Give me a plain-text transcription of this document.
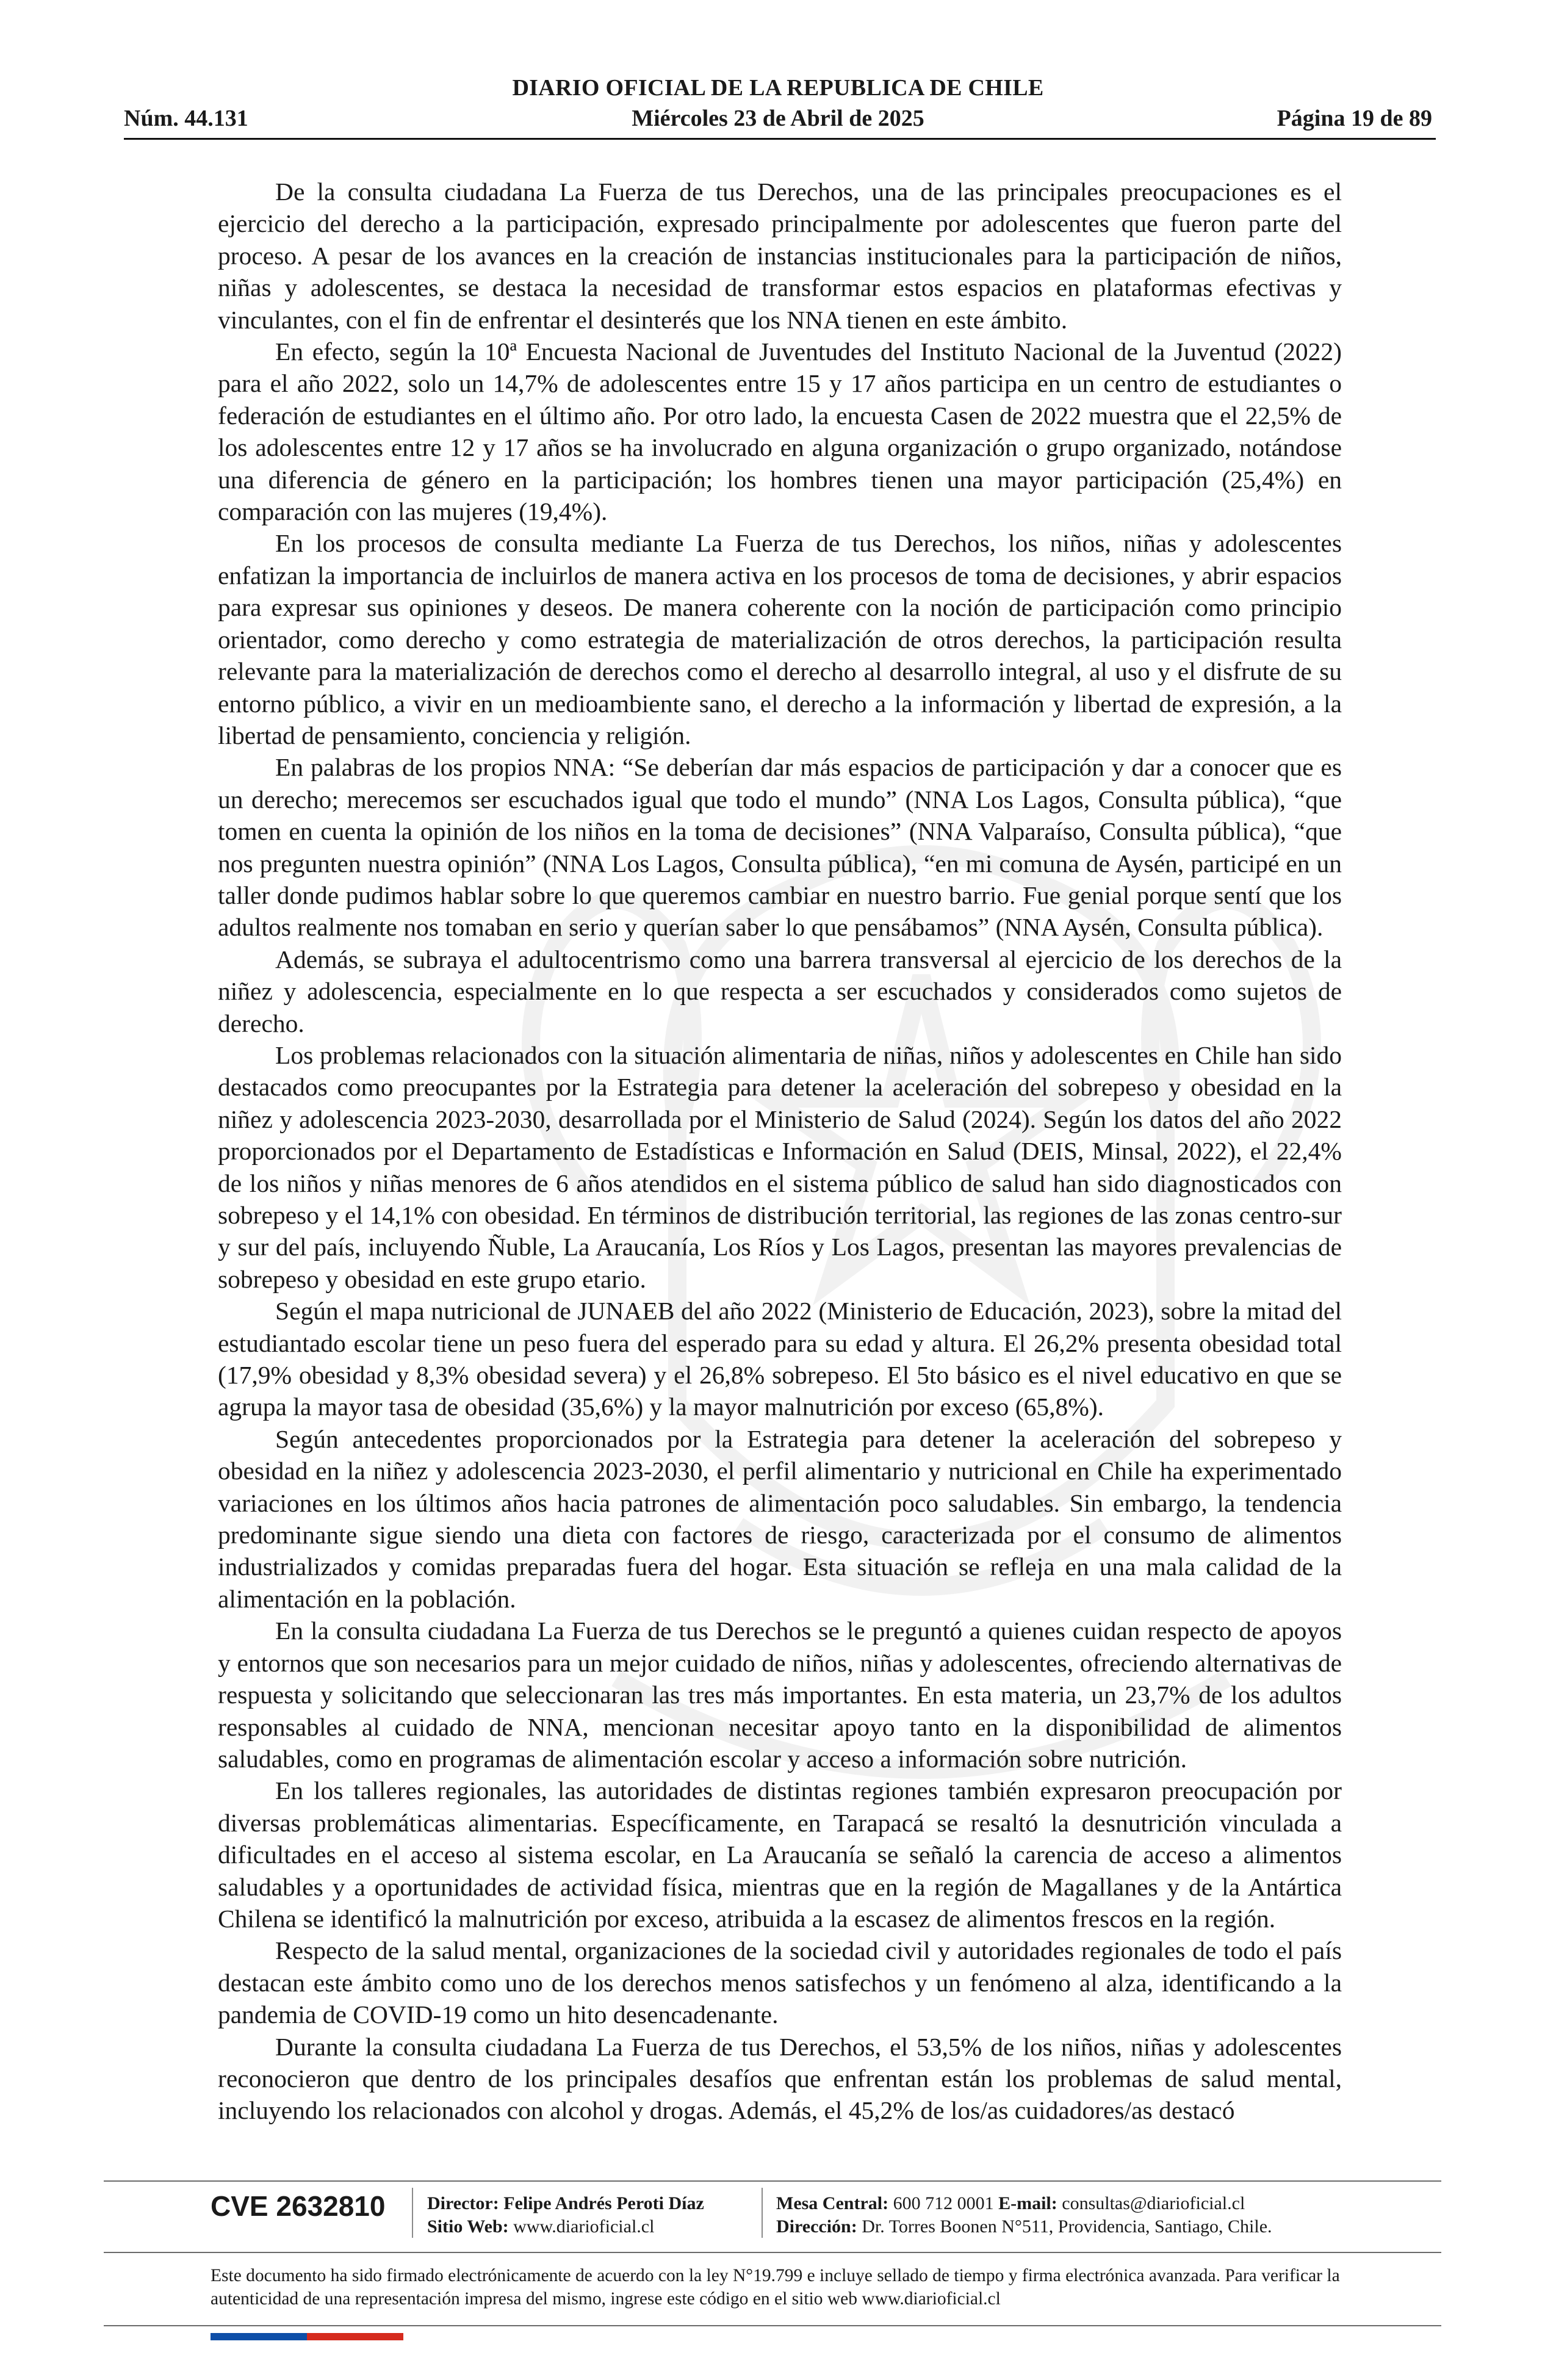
DIARIO OFICIAL DE LA REPUBLICA DE CHILE
Núm. 44.131	Miércoles 23 de Abril de 2025	Página 19 de 89

De la consulta ciudadana La Fuerza de tus Derechos, una de las principales preocupaciones es el ejercicio del derecho a la participación, expresado principalmente por adolescentes que fueron parte del proceso. A pesar de los avances en la creación de instancias institucionales para la participación de niños, niñas y adolescentes, se destaca la necesidad de transformar estos espacios en plataformas efectivas y vinculantes, con el fin de enfrentar el desinterés que los NNA tienen en este ámbito.

En efecto, según la 10ª Encuesta Nacional de Juventudes del Instituto Nacional de la Juventud (2022) para el año 2022, solo un 14,7% de adolescentes entre 15 y 17 años participa en un centro de estudiantes o federación de estudiantes en el último año. Por otro lado, la encuesta Casen de 2022 muestra que el 22,5% de los adolescentes entre 12 y 17 años se ha involucrado en alguna organización o grupo organizado, notándose una diferencia de género en la participación; los hombres tienen una mayor participación (25,4%) en comparación con las mujeres (19,4%).

En los procesos de consulta mediante La Fuerza de tus Derechos, los niños, niñas y adolescentes enfatizan la importancia de incluirlos de manera activa en los procesos de toma de decisiones, y abrir espacios para expresar sus opiniones y deseos. De manera coherente con la noción de participación como principio orientador, como derecho y como estrategia de materialización de otros derechos, la participación resulta relevante para la materialización de derechos como el derecho al desarrollo integral, al uso y el disfrute de su entorno público, a vivir en un medioambiente sano, el derecho a la información y libertad de expresión, a la libertad de pensamiento, conciencia y religión.

En palabras de los propios NNA: “Se deberían dar más espacios de participación y dar a conocer que es un derecho; merecemos ser escuchados igual que todo el mundo” (NNA Los Lagos, Consulta pública), “que tomen en cuenta la opinión de los niños en la toma de decisiones” (NNA Valparaíso, Consulta pública), “que nos pregunten nuestra opinión” (NNA Los Lagos, Consulta pública), “en mi comuna de Aysén, participé en un taller donde pudimos hablar sobre lo que queremos cambiar en nuestro barrio. Fue genial porque sentí que los adultos realmente nos tomaban en serio y querían saber lo que pensábamos” (NNA Aysén, Consulta pública).

Además, se subraya el adultocentrismo como una barrera transversal al ejercicio de los derechos de la niñez y adolescencia, especialmente en lo que respecta a ser escuchados y considerados como sujetos de derecho.

Los problemas relacionados con la situación alimentaria de niñas, niños y adolescentes en Chile han sido destacados como preocupantes por la Estrategia para detener la aceleración del sobrepeso y obesidad en la niñez y adolescencia 2023-2030, desarrollada por el Ministerio de Salud (2024). Según los datos del año 2022 proporcionados por el Departamento de Estadísticas e Información en Salud (DEIS, Minsal, 2022), el 22,4% de los niños y niñas menores de 6 años atendidos en el sistema público de salud han sido diagnosticados con sobrepeso y el 14,1% con obesidad. En términos de distribución territorial, las regiones de las zonas centro-sur y sur del país, incluyendo Ñuble, La Araucanía, Los Ríos y Los Lagos, presentan las mayores prevalencias de sobrepeso y obesidad en este grupo etario.

Según el mapa nutricional de JUNAEB del año 2022 (Ministerio de Educación, 2023), sobre la mitad del estudiantado escolar tiene un peso fuera del esperado para su edad y altura. El 26,2% presenta obesidad total (17,9% obesidad y 8,3% obesidad severa) y el 26,8% sobrepeso. El 5to básico es el nivel educativo en que se agrupa la mayor tasa de obesidad (35,6%) y la mayor malnutrición por exceso (65,8%).

Según antecedentes proporcionados por la Estrategia para detener la aceleración del sobrepeso y obesidad en la niñez y adolescencia 2023-2030, el perfil alimentario y nutricional en Chile ha experimentado variaciones en los últimos años hacia patrones de alimentación poco saludables. Sin embargo, la tendencia predominante sigue siendo una dieta con factores de riesgo, caracterizada por el consumo de alimentos industrializados y comidas preparadas fuera del hogar. Esta situación se refleja en una mala calidad de la alimentación en la población.

En la consulta ciudadana La Fuerza de tus Derechos se le preguntó a quienes cuidan respecto de apoyos y entornos que son necesarios para un mejor cuidado de niños, niñas y adolescentes, ofreciendo alternativas de respuesta y solicitando que seleccionaran las tres más importantes. En esta materia, un 23,7% de los adultos responsables al cuidado de NNA, mencionan necesitar apoyo tanto en la disponibilidad de alimentos saludables, como en programas de alimentación escolar y acceso a información sobre nutrición.

En los talleres regionales, las autoridades de distintas regiones también expresaron preocupación por diversas problemáticas alimentarias. Específicamente, en Tarapacá se resaltó la desnutrición vinculada a dificultades en el acceso al sistema escolar, en La Araucanía se señaló la carencia de acceso a alimentos saludables y a oportunidades de actividad física, mientras que en la región de Magallanes y de la Antártica Chilena se identificó la malnutrición por exceso, atribuida a la escasez de alimentos frescos en la región.

Respecto de la salud mental, organizaciones de la sociedad civil y autoridades regionales de todo el país destacan este ámbito como uno de los derechos menos satisfechos y un fenómeno al alza, identificando a la pandemia de COVID-19 como un hito desencadenante.

Durante la consulta ciudadana La Fuerza de tus Derechos, el 53,5% de los niños, niñas y adolescentes reconocieron que dentro de los principales desafíos que enfrentan están los problemas de salud mental, incluyendo los relacionados con alcohol y drogas. Además, el 45,2% de los/as cuidadores/as destacó

CVE 2632810 Director: Felipe Andrés Peroti Díaz
Sitio Web: www.diarioficial.cl
Mesa Central: 600 712 0001 E-mail: consultas@diarioficial.cl
Dirección: Dr. Torres Boonen N°511, Providencia, Santiago, Chile.
Este documento ha sido firmado electrónicamente de acuerdo con la ley N°19.799 e incluye sellado de tiempo y firma electrónica avanzada. Para verificar la autenticidad de una representación impresa del mismo, ingrese este código en el sitio web www.diarioficial.cl
